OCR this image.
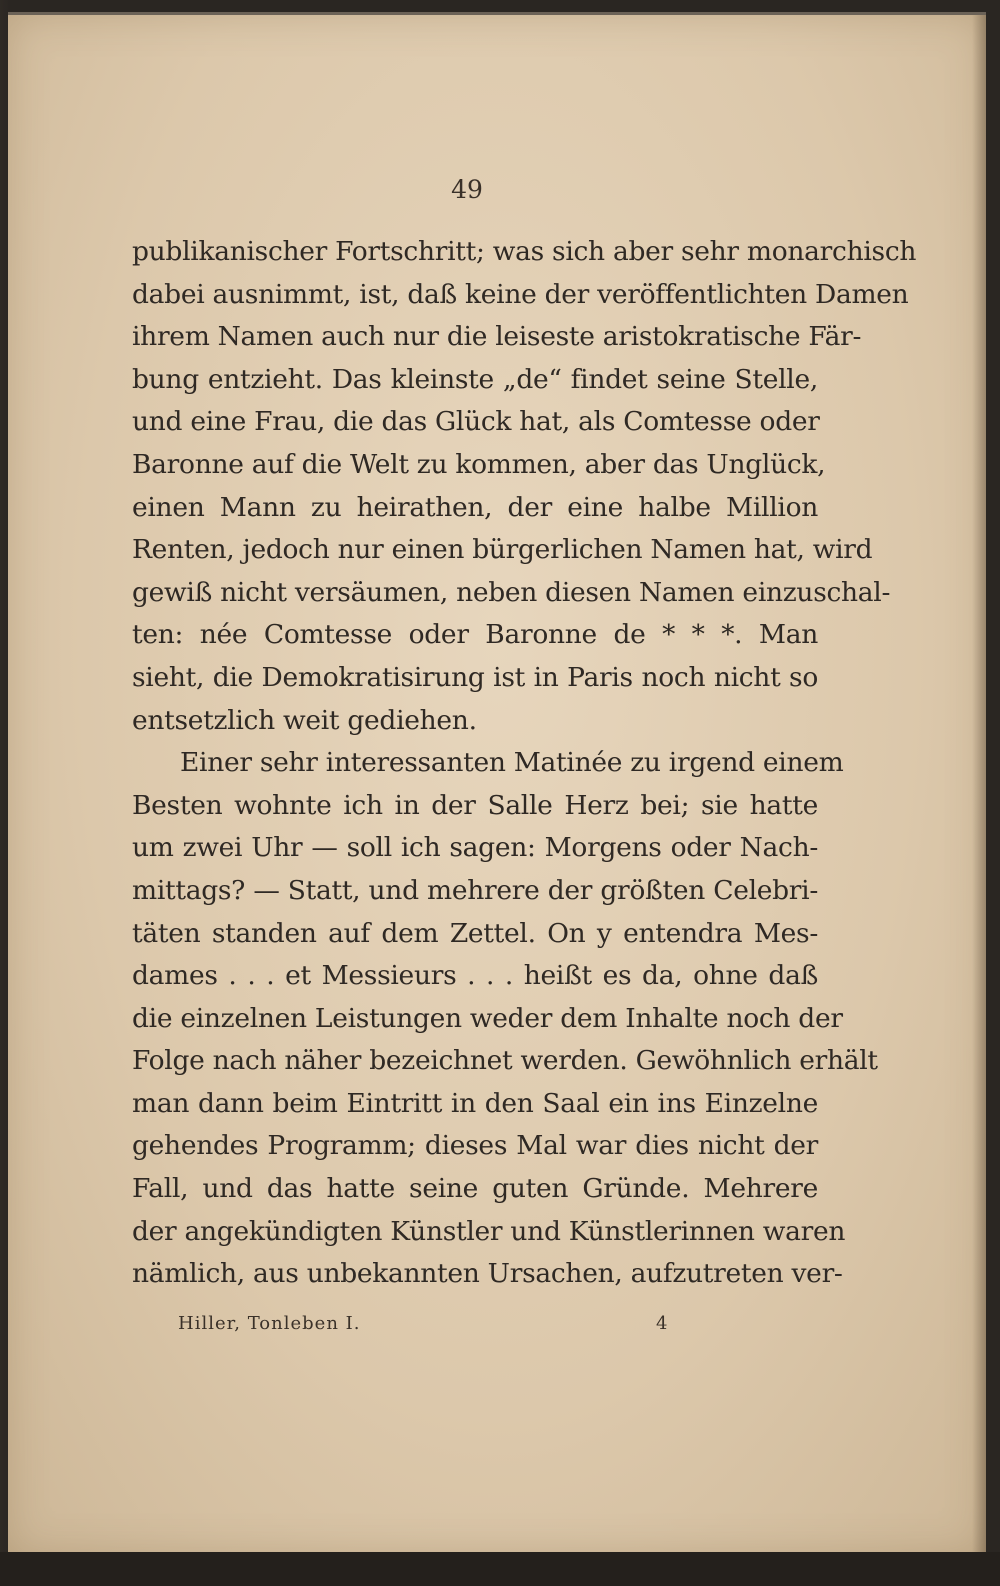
49
publikanischer Fortschritt; was sich aber sehr monarchisch
dabei ausnimmt, ist, daß keine der veröffentlichten Damen
ihrem Namen auch nur die leiseste aristokratische Fär-
bung entzieht. Das kleinste „de“ findet seine Stelle,
und eine Frau, die das Glück hat, als Comtesse oder
Baronne auf die Welt zu kommen, aber das Unglück,
einen Mann zu heirathen, der eine halbe Million
Renten, jedoch nur einen bürgerlichen Namen hat, wird
gewiß nicht versäumen, neben diesen Namen einzuschal-
ten: née Comtesse oder Baronne de * * *. Man
sieht, die Demokratisirung ist in Paris noch nicht so
entsetzlich weit gediehen.
Einer sehr interessanten Matinée zu irgend einem
Besten wohnte ich in der Salle Herz bei; sie hatte
um zwei Uhr — soll ich sagen: Morgens oder Nach-
mittags? — Statt, und mehrere der größten Celebri-
täten standen auf dem Zettel. On y entendra Mes-
dames . . . et Messieurs . . . heißt es da, ohne daß
die einzelnen Leistungen weder dem Inhalte noch der
Folge nach näher bezeichnet werden. Gewöhnlich erhält
man dann beim Eintritt in den Saal ein ins Einzelne
gehendes Programm; dieses Mal war dies nicht der
Fall, und das hatte seine guten Gründe. Mehrere
der angekündigten Künstler und Künstlerinnen waren
nämlich, aus unbekannten Ursachen, aufzutreten ver-
Hiller, Tonleben I.	4
